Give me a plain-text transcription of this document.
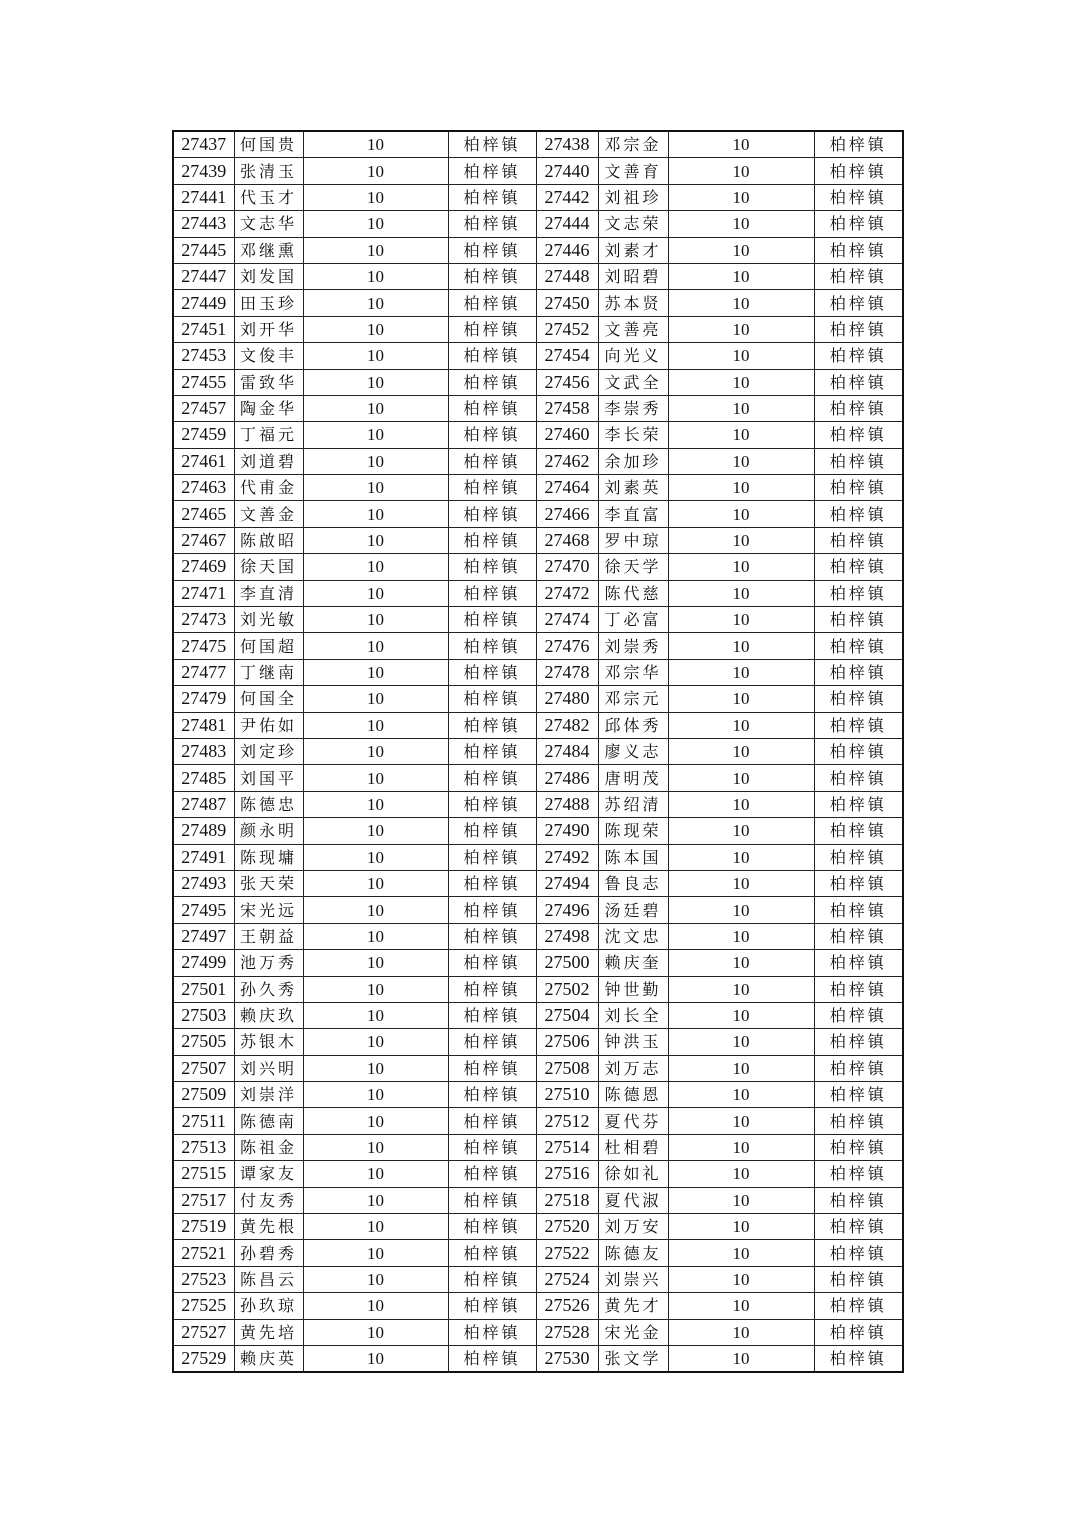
27437	何国贵	10	柏梓镇	27438	邓宗金	10	柏梓镇
27439	张清玉	10	柏梓镇	27440	文善育	10	柏梓镇
27441	代玉才	10	柏梓镇	27442	刘祖珍	10	柏梓镇
27443	文志华	10	柏梓镇	27444	文志荣	10	柏梓镇
27445	邓继熏	10	柏梓镇	27446	刘素才	10	柏梓镇
27447	刘发国	10	柏梓镇	27448	刘昭碧	10	柏梓镇
27449	田玉珍	10	柏梓镇	27450	苏本贤	10	柏梓镇
27451	刘开华	10	柏梓镇	27452	文善亮	10	柏梓镇
27453	文俊丰	10	柏梓镇	27454	向光义	10	柏梓镇
27455	雷致华	10	柏梓镇	27456	文武全	10	柏梓镇
27457	陶金华	10	柏梓镇	27458	李崇秀	10	柏梓镇
27459	丁福元	10	柏梓镇	27460	李长荣	10	柏梓镇
27461	刘道碧	10	柏梓镇	27462	余加珍	10	柏梓镇
27463	代甫金	10	柏梓镇	27464	刘素英	10	柏梓镇
27465	文善金	10	柏梓镇	27466	李直富	10	柏梓镇
27467	陈啟昭	10	柏梓镇	27468	罗中琼	10	柏梓镇
27469	徐天国	10	柏梓镇	27470	徐天学	10	柏梓镇
27471	李直清	10	柏梓镇	27472	陈代慈	10	柏梓镇
27473	刘光敏	10	柏梓镇	27474	丁必富	10	柏梓镇
27475	何国超	10	柏梓镇	27476	刘崇秀	10	柏梓镇
27477	丁继南	10	柏梓镇	27478	邓宗华	10	柏梓镇
27479	何国全	10	柏梓镇	27480	邓宗元	10	柏梓镇
27481	尹佑如	10	柏梓镇	27482	邱体秀	10	柏梓镇
27483	刘定珍	10	柏梓镇	27484	廖义志	10	柏梓镇
27485	刘国平	10	柏梓镇	27486	唐明茂	10	柏梓镇
27487	陈德忠	10	柏梓镇	27488	苏绍清	10	柏梓镇
27489	颜永明	10	柏梓镇	27490	陈现荣	10	柏梓镇
27491	陈现墉	10	柏梓镇	27492	陈本国	10	柏梓镇
27493	张天荣	10	柏梓镇	27494	鲁良志	10	柏梓镇
27495	宋光远	10	柏梓镇	27496	汤廷碧	10	柏梓镇
27497	王朝益	10	柏梓镇	27498	沈文忠	10	柏梓镇
27499	池万秀	10	柏梓镇	27500	赖庆奎	10	柏梓镇
27501	孙久秀	10	柏梓镇	27502	钟世勤	10	柏梓镇
27503	赖庆玖	10	柏梓镇	27504	刘长全	10	柏梓镇
27505	苏银木	10	柏梓镇	27506	钟洪玉	10	柏梓镇
27507	刘兴明	10	柏梓镇	27508	刘万志	10	柏梓镇
27509	刘崇洋	10	柏梓镇	27510	陈德恩	10	柏梓镇
27511	陈德南	10	柏梓镇	27512	夏代芬	10	柏梓镇
27513	陈祖金	10	柏梓镇	27514	杜相碧	10	柏梓镇
27515	谭家友	10	柏梓镇	27516	徐如礼	10	柏梓镇
27517	付友秀	10	柏梓镇	27518	夏代淑	10	柏梓镇
27519	黄先根	10	柏梓镇	27520	刘万安	10	柏梓镇
27521	孙碧秀	10	柏梓镇	27522	陈德友	10	柏梓镇
27523	陈昌云	10	柏梓镇	27524	刘崇兴	10	柏梓镇
27525	孙玖琼	10	柏梓镇	27526	黄先才	10	柏梓镇
27527	黄先培	10	柏梓镇	27528	宋光金	10	柏梓镇
27529	赖庆英	10	柏梓镇	27530	张文学	10	柏梓镇
